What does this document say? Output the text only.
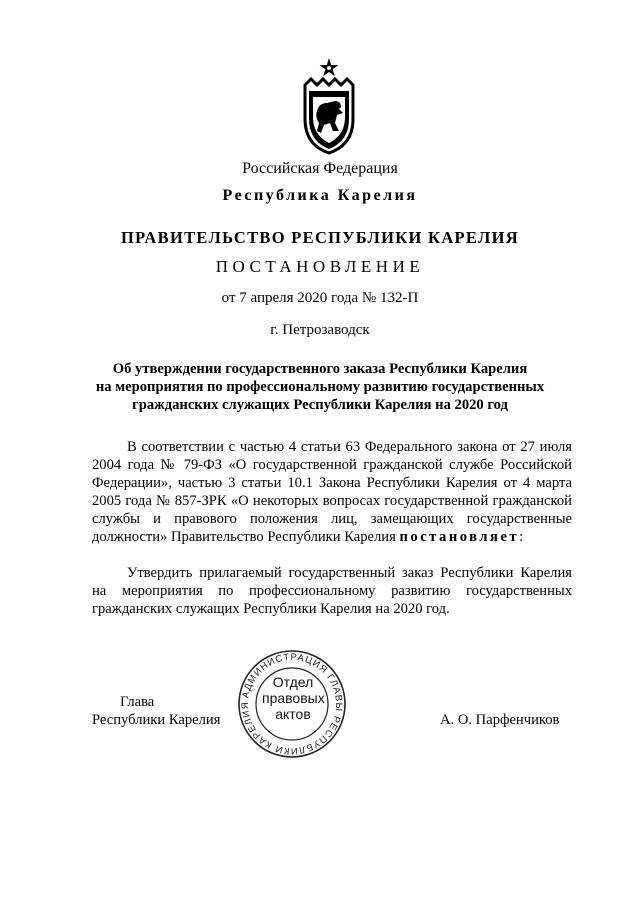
Российская Федерация
Республика Карелия
ПРАВИТЕЛЬСТВО РЕСПУБЛИКИ КАРЕЛИЯ
ПОСТАНОВЛЕНИЕ
от 7 апреля 2020 года № 132-П
г. Петрозаводск
Об утверждении государственного заказа Республики Карелия
на мероприятия по профессиональному развитию государственных
гражданских служащих Республики Карелия на 2020 год
В соответствии с частью 4 статьи 63 Федерального закона от 27 июля 2004 года № 79-ФЗ «О государственной гражданской службе Российской Федерации», частью 3 статьи 10.1 Закона Республики Карелия от 4 марта 2005 года № 857-ЗРК «О некоторых вопросах государственной гражданской службы и правового положения лиц, замещающих государственные должности» Правительство Республики Карелия постановляет:
Утвердить прилагаемый государственный заказ Республики Карелия на мероприятия по профессиональному развитию государственных гражданских служащих Республики Карелия на 2020 год.
Глава
Республики Карелия
АДМИНИСТРАЦИЯ ГЛАВЫ РЕСПУБЛИКИ КАРЕЛИЯ
Отдел
правовых
актов	А. О. Парфенчиков
